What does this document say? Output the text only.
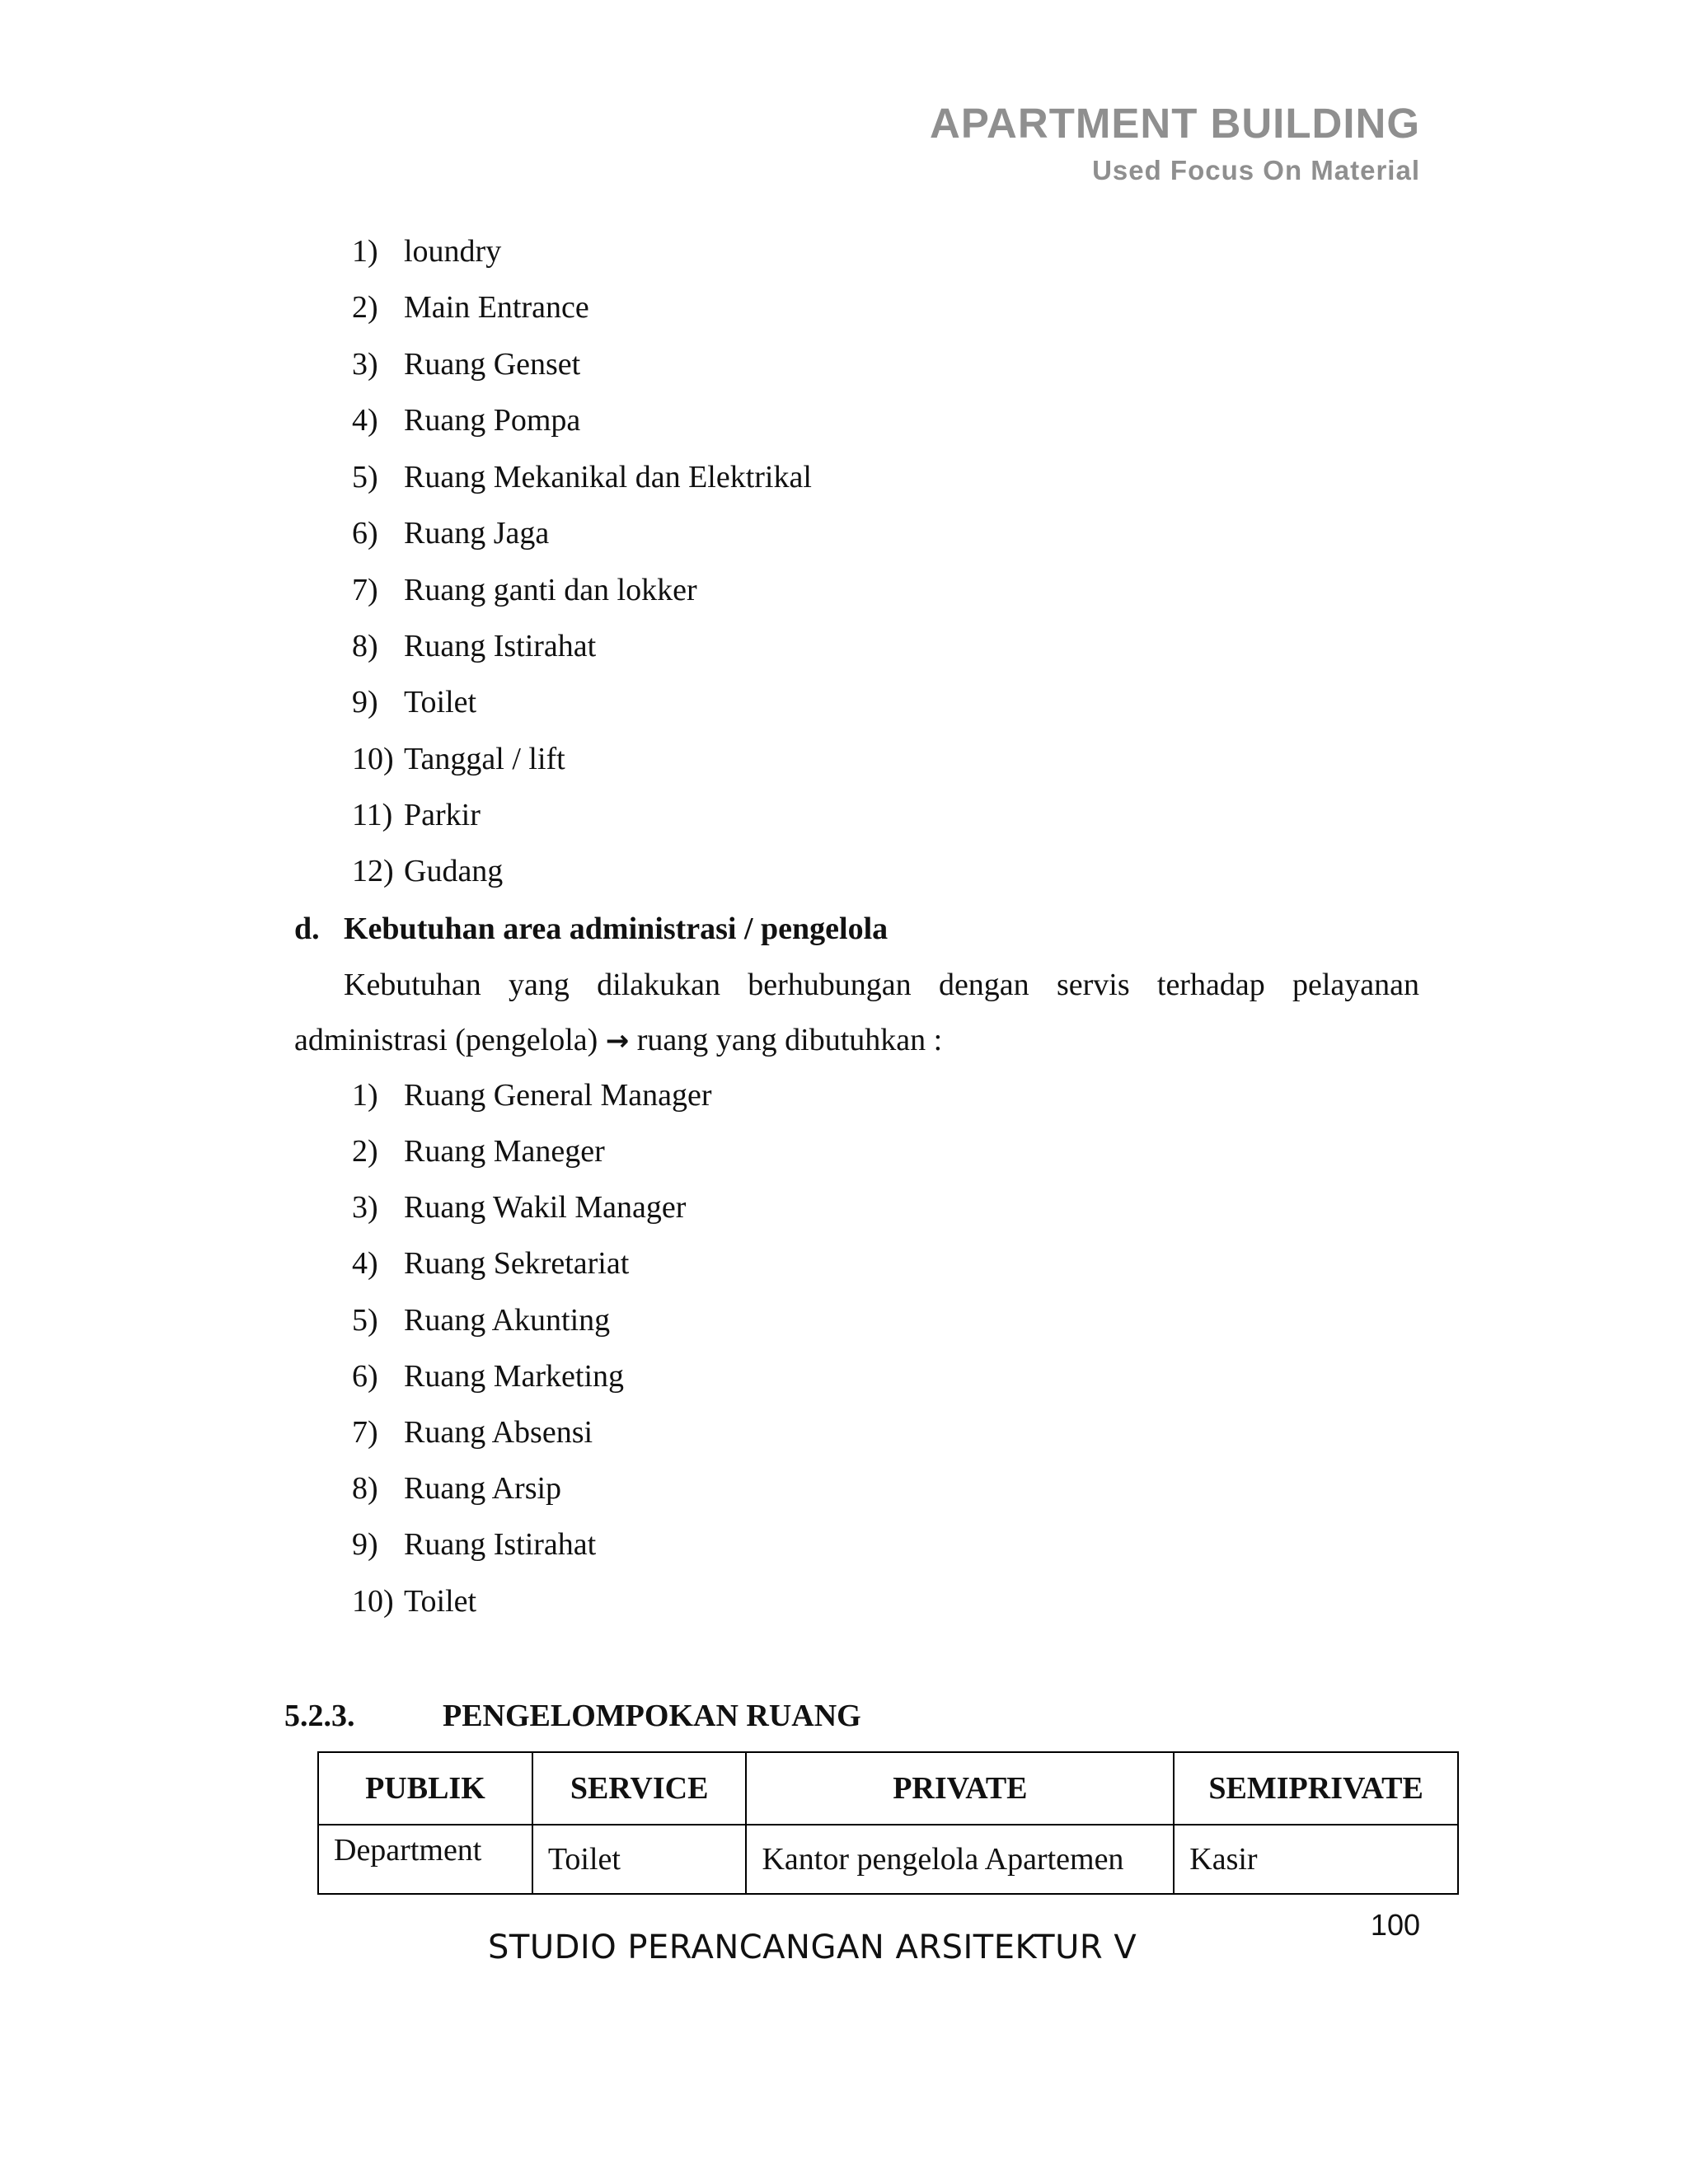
APARTMENT BUILDING
Used Focus On Material
1) loundry
2) Main Entrance
3) Ruang Genset
4) Ruang Pompa
5) Ruang Mekanikal dan Elektrikal
6) Ruang Jaga
7) Ruang ganti dan lokker
8) Ruang Istirahat
9) Toilet
10) Tanggal / lift
11) Parkir
12) Gudang
d. Kebutuhan area administrasi / pengelola
Kebutuhan yang dilakukan berhubungan dengan servis terhadap pelayanan
administrasi (pengelola) → ruang yang dibutuhkan :
1) Ruang General Manager
2) Ruang Maneger
3) Ruang Wakil Manager
4) Ruang Sekretariat
5) Ruang Akunting
6) Ruang Marketing
7) Ruang Absensi
8) Ruang Arsip
9) Ruang Istirahat
10) Toilet
5.2.3.	PENGELOMPOKAN RUANG
PUBLIK	SERVICE	PRIVATE	SEMIPRIVATE
Department	Toilet	Kantor pengelola Apartemen	Kasir
100
STUDIO PERANCANGAN ARSITEKTUR V
